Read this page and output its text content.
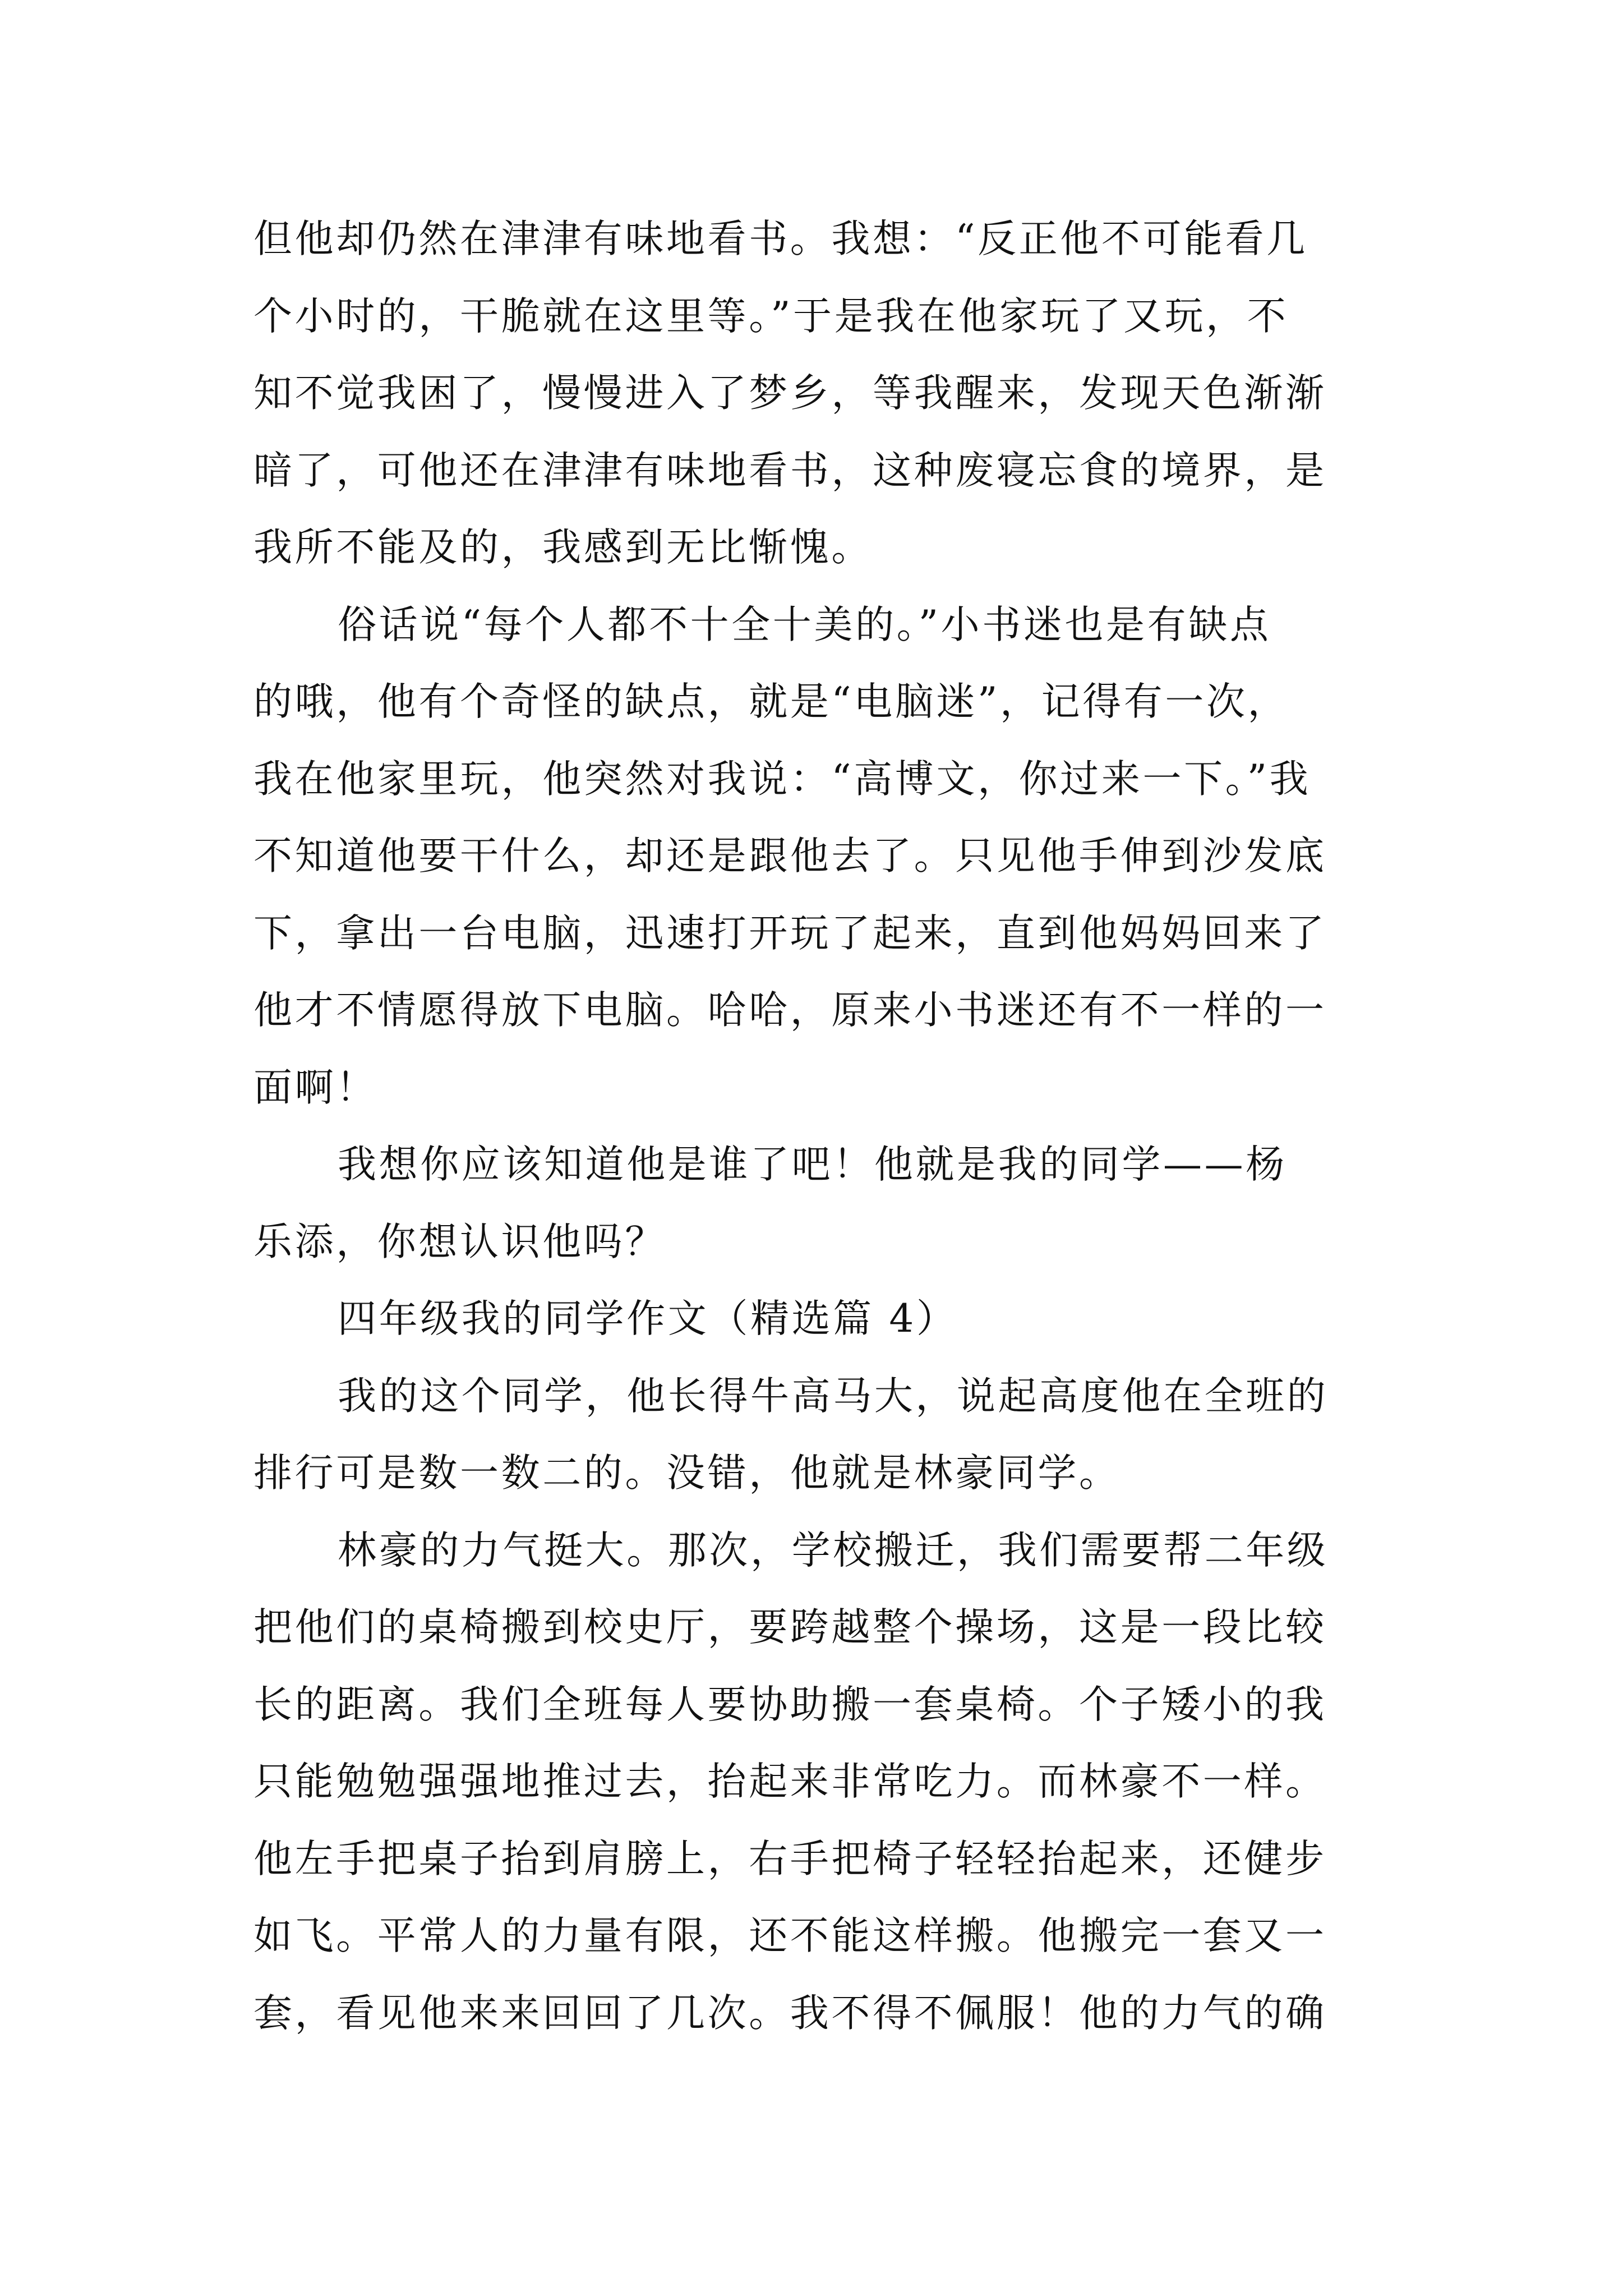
但他却仍然在津津有味地看书。我想：“反正他不可能看几
个小时的，干脆就在这里等。”于是我在他家玩了又玩，不
知不觉我困了，慢慢进入了梦乡，等我醒来，发现天色渐渐
暗了，可他还在津津有味地看书，这种废寝忘食的境界，是
我所不能及的，我感到无比惭愧。
俗话说“每个人都不十全十美的。”小书迷也是有缺点
的哦，他有个奇怪的缺点，就是“电脑迷”，记得有一次，
我在他家里玩，他突然对我说：“高博文，你过来一下。”我
不知道他要干什么，却还是跟他去了。只见他手伸到沙发底
下，拿出一台电脑，迅速打开玩了起来，直到他妈妈回来了
他才不情愿得放下电脑。哈哈，原来小书迷还有不一样的一
面啊！
我想你应该知道他是谁了吧！他就是我的同学——杨
乐添，你想认识他吗？
四年级我的同学作文（精选篇 4）
我的这个同学，他长得牛高马大，说起高度他在全班的
排行可是数一数二的。没错，他就是林豪同学。
林豪的力气挺大。那次，学校搬迁，我们需要帮二年级
把他们的桌椅搬到校史厅，要跨越整个操场，这是一段比较
长的距离。我们全班每人要协助搬一套桌椅。个子矮小的我
只能勉勉强强地推过去，抬起来非常吃力。而林豪不一样。
他左手把桌子抬到肩膀上，右手把椅子轻轻抬起来，还健步
如飞。平常人的力量有限，还不能这样搬。他搬完一套又一
套，看见他来来回回了几次。我不得不佩服！他的力气的确
